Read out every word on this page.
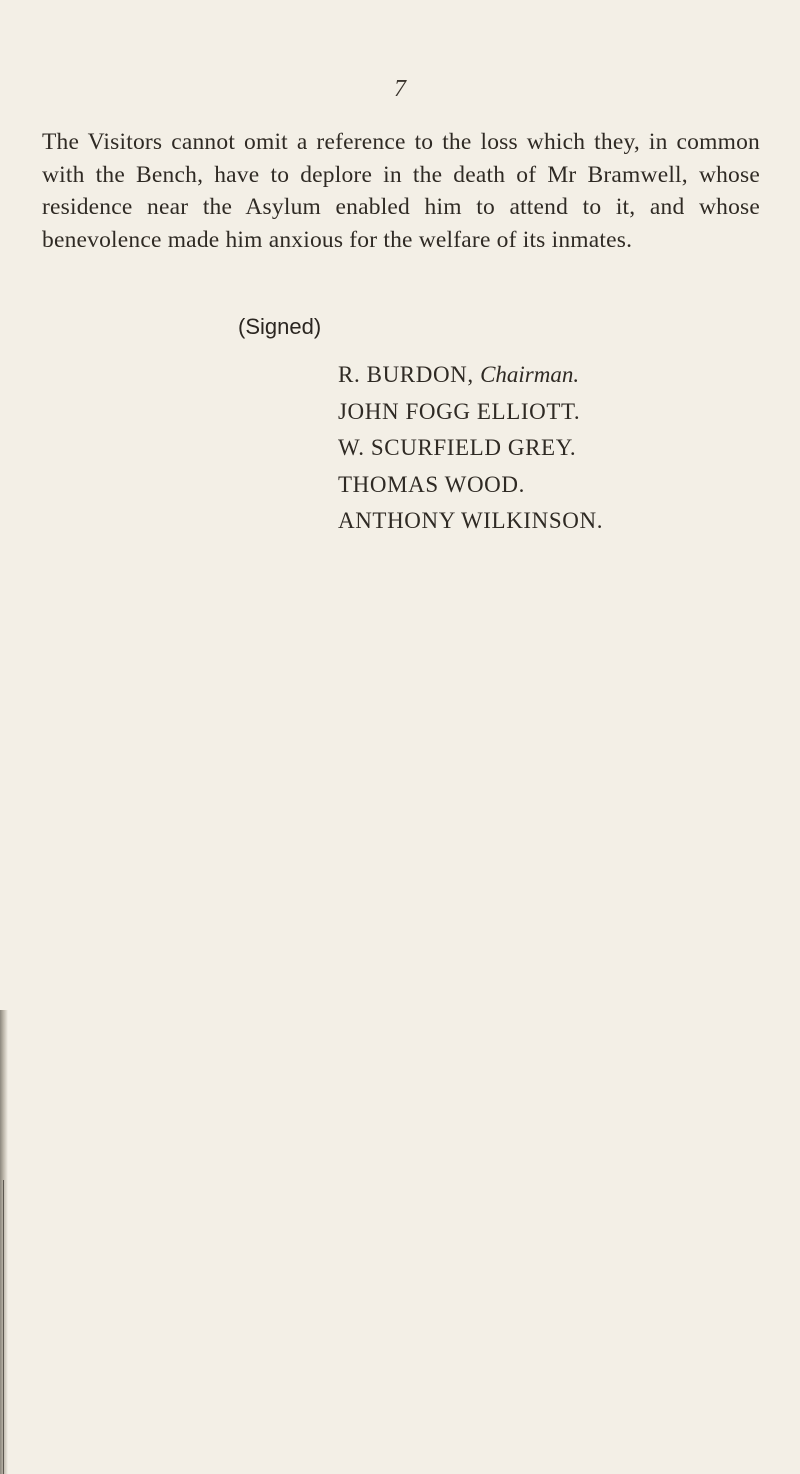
7

The Visitors cannot omit a reference to the loss which they, in common with the Bench, have to deplore in the death of Mr Bramwell, whose residence near the Asylum enabled him to attend to it, and whose benevolence made him anxious for the welfare of its inmates.

(Signed)
R. BURDON, Chairman.
JOHN FOGG ELLIOTT.
W. SCURFIELD GREY.
THOMAS WOOD.
ANTHONY WILKINSON.
